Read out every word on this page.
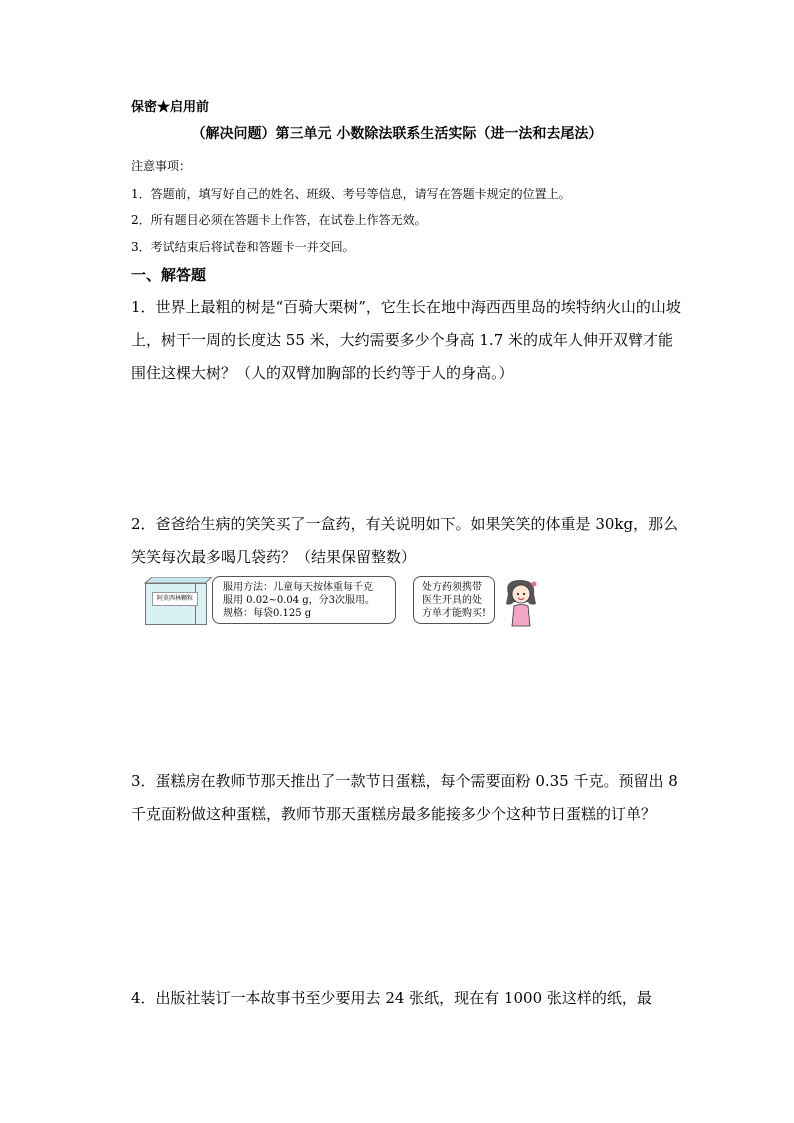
保密★启用前
（解决问题）第三单元 小数除法联系生活实际（进一法和去尾法）
注意事项：
1．答题前，填写好自己的姓名、班级、考号等信息，请写在答题卡规定的位置上。
2．所有题目必须在答题卡上作答，在试卷上作答无效。
3．考试结束后将试卷和答题卡一并交回。
一、解答题
1．世界上最粗的树是“百骑大栗树”，它生长在地中海西西里岛的埃特纳火山的山坡上，树干一周的长度达 55 米，大约需要多少个身高 1.7 米的成年人伸开双臂才能围住这棵大树？（人的双臂加胸部的长约等于人的身高。）
2．爸爸给生病的笑笑买了一盒药，有关说明如下。如果笑笑的体重是 30kg，那么笑笑每次最多喝几袋药？（结果保留整数）
阿莫西林颗粒
服用方法：儿童每天按体重每千克
服用 0.02~0.04 g，分3次服用。
规格：每袋0.125 g
处方药须携带
医生开具的处
方单才能购买!
3．蛋糕房在教师节那天推出了一款节日蛋糕，每个需要面粉 0.35 千克。预留出 8 千克面粉做这种蛋糕，教师节那天蛋糕房最多能接多少个这种节日蛋糕的订单？
4．出版社装订一本故事书至少要用去 24 张纸，现在有 1000 张这样的纸，最
